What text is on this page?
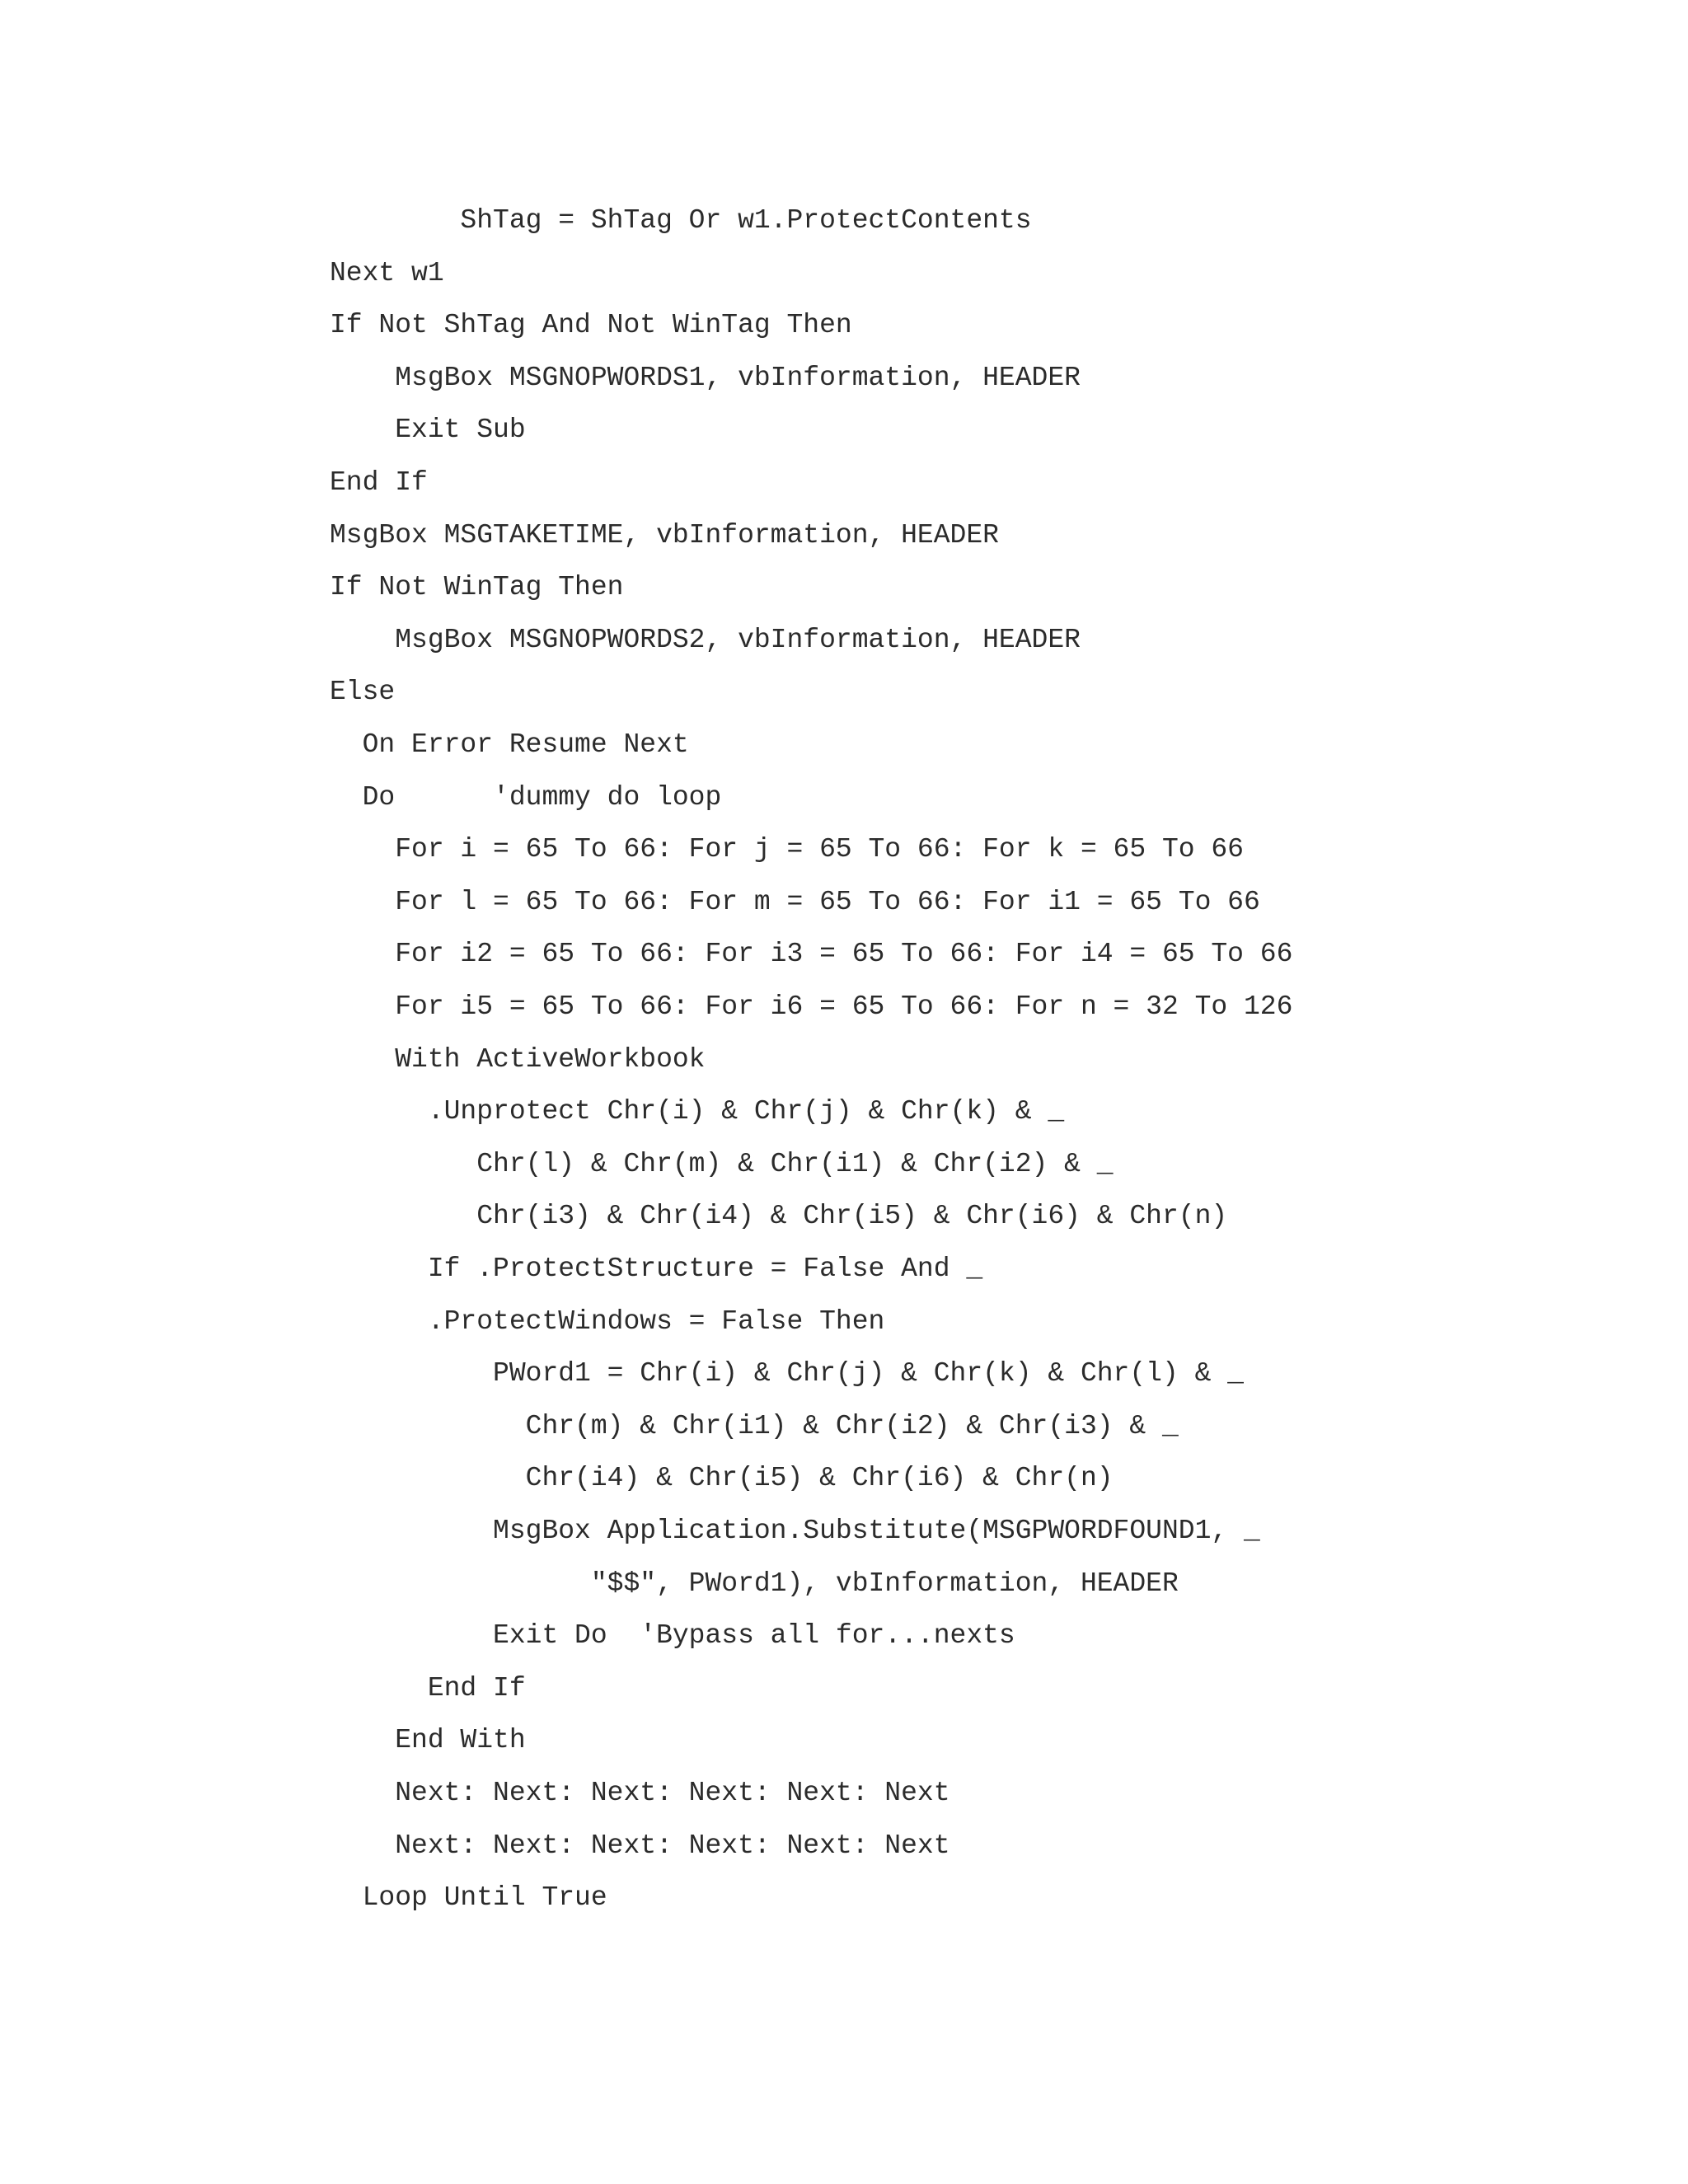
ShTag = ShTag Or w1.ProtectContents
Next w1
If Not ShTag And Not WinTag Then
MsgBox MSGNOPWORDS1, vbInformation, HEADER
Exit Sub
End If
MsgBox MSGTAKETIME, vbInformation, HEADER
If Not WinTag Then
MsgBox MSGNOPWORDS2, vbInformation, HEADER
Else
On Error Resume Next
Do      'dummy do loop
For i = 65 To 66: For j = 65 To 66: For k = 65 To 66
For l = 65 To 66: For m = 65 To 66: For i1 = 65 To 66
For i2 = 65 To 66: For i3 = 65 To 66: For i4 = 65 To 66
For i5 = 65 To 66: For i6 = 65 To 66: For n = 32 To 126
With ActiveWorkbook
.Unprotect Chr(i) & Chr(j) & Chr(k) & _
Chr(l) & Chr(m) & Chr(i1) & Chr(i2) & _
Chr(i3) & Chr(i4) & Chr(i5) & Chr(i6) & Chr(n)
If .ProtectStructure = False And _
.ProtectWindows = False Then
PWord1 = Chr(i) & Chr(j) & Chr(k) & Chr(l) & _
Chr(m) & Chr(i1) & Chr(i2) & Chr(i3) & _
Chr(i4) & Chr(i5) & Chr(i6) & Chr(n)
MsgBox Application.Substitute(MSGPWORDFOUND1, _
"$$", PWord1), vbInformation, HEADER
Exit Do  'Bypass all for...nexts
End If
End With
Next: Next: Next: Next: Next: Next
Next: Next: Next: Next: Next: Next
Loop Until True
